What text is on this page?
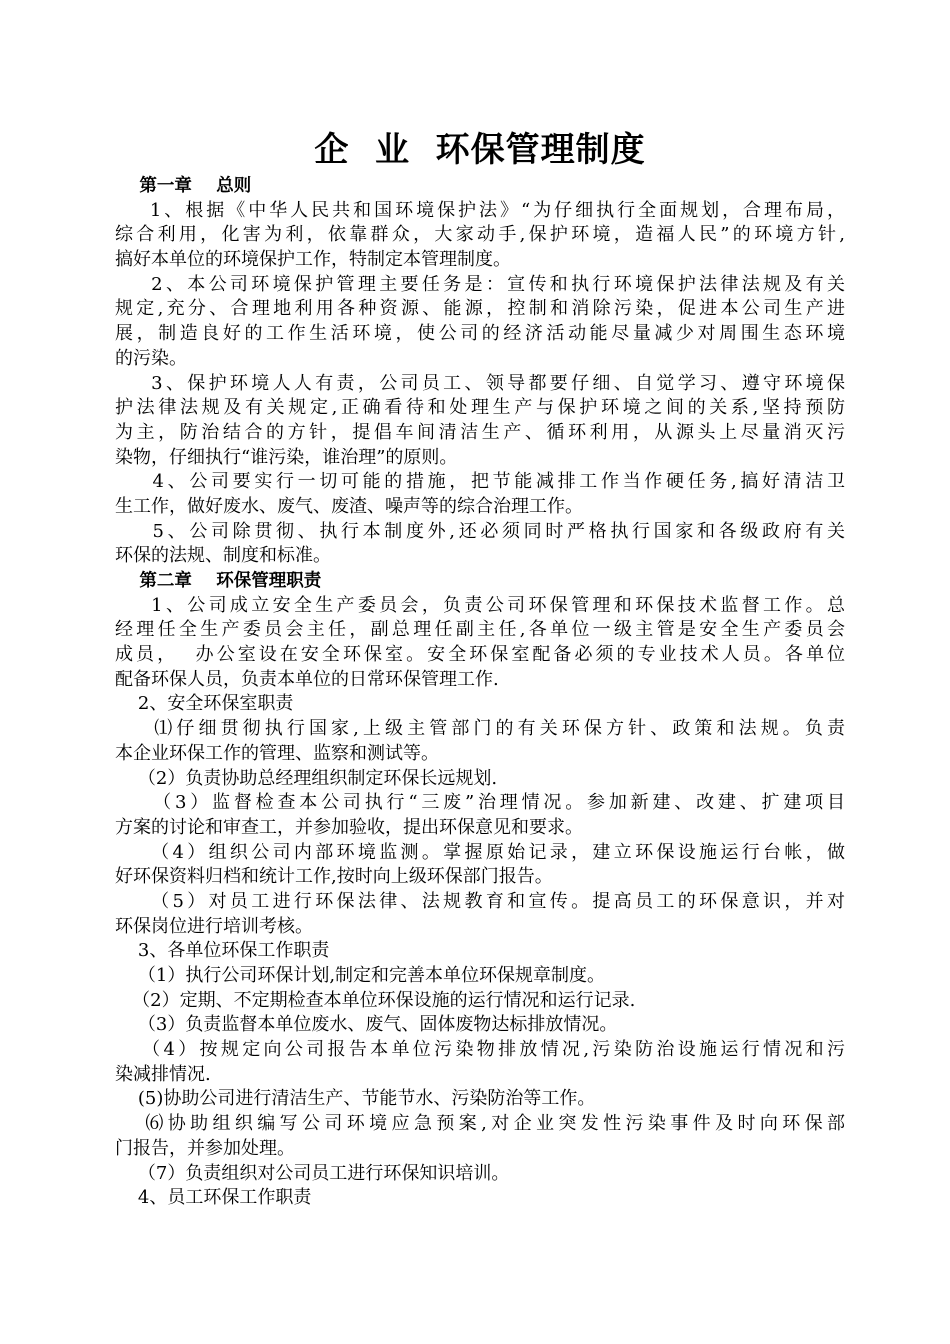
企  业  环保管理制度
第一章    总则
1、根据《中华人民共和国环境保护法》“为仔细执行全面规划，合理布局，
综合利用，化害为利，依靠群众，大家动手,保护环境，造福人民”的环境方针,
搞好本单位的环境保护工作，特制定本管理制度。
2、本公司环境保护管理主要任务是：宣传和执行环境保护法律法规及有关
规定,充分、合理地利用各种资源、能源，控制和消除污染，促进本公司生产进
展，制造良好的工作生活环境，使公司的经济活动能尽量减少对周围生态环境
的污染。
3、保护环境人人有责，公司员工、领导都要仔细、自觉学习、遵守环境保
护法律法规及有关规定,正确看待和处理生产与保护环境之间的关系,坚持预防
为主，防治结合的方针，提倡车间清洁生产、循环利用，从源头上尽量消灭污
染物，仔细执行“谁污染，谁治理”的原则。
4、公司要实行一切可能的措施，把节能减排工作当作硬任务,搞好清洁卫
生工作，做好废水、废气、废渣、噪声等的综合治理工作。
5、公司除贯彻、执行本制度外,还必须同时严格执行国家和各级政府有关
环保的法规、制度和标准。
第二章    环保管理职责
1、公司成立安全生产委员会，负责公司环保管理和环保技术监督工作。总
经理任全生产委员会主任，副总理任副主任,各单位一级主管是安全生产委员会
成员，  办公室设在安全环保室。安全环保室配备必须的专业技术人员。各单位
配备环保人员，负责本单位的日常环保管理工作.
2、安全环保室职责
⑴仔细贯彻执行国家,上级主管部门的有关环保方针、政策和法规。负责
本企业环保工作的管理、监察和测试等。
（2）负责协助总经理组织制定环保长远规划.
（3）监督检查本公司执行“三废”治理情况。参加新建、改建、扩建项目
方案的讨论和审查工，并参加验收，提出环保意见和要求。
（4）组织公司内部环境监测。掌握原始记录，建立环保设施运行台帐，做
好环保资料归档和统计工作,按时向上级环保部门报告。
（5）对员工进行环保法律、法规教育和宣传。提高员工的环保意识，并对
环保岗位进行培训考核。
3、各单位环保工作职责
（1）执行公司环保计划,制定和完善本单位环保规章制度。
（2）定期、不定期检查本单位环保设施的运行情况和运行记录.
（3）负责监督本单位废水、废气、固体废物达标排放情况。
（4）按规定向公司报告本单位污染物排放情况,污染防治设施运行情况和污
染减排情况.
(5)协助公司进行清洁生产、节能节水、污染防治等工作。
⑹协助组织编写公司环境应急预案,对企业突发性污染事件及时向环保部
门报告，并参加处理。
（7）负责组织对公司员工进行环保知识培训。
4、员工环保工作职责
